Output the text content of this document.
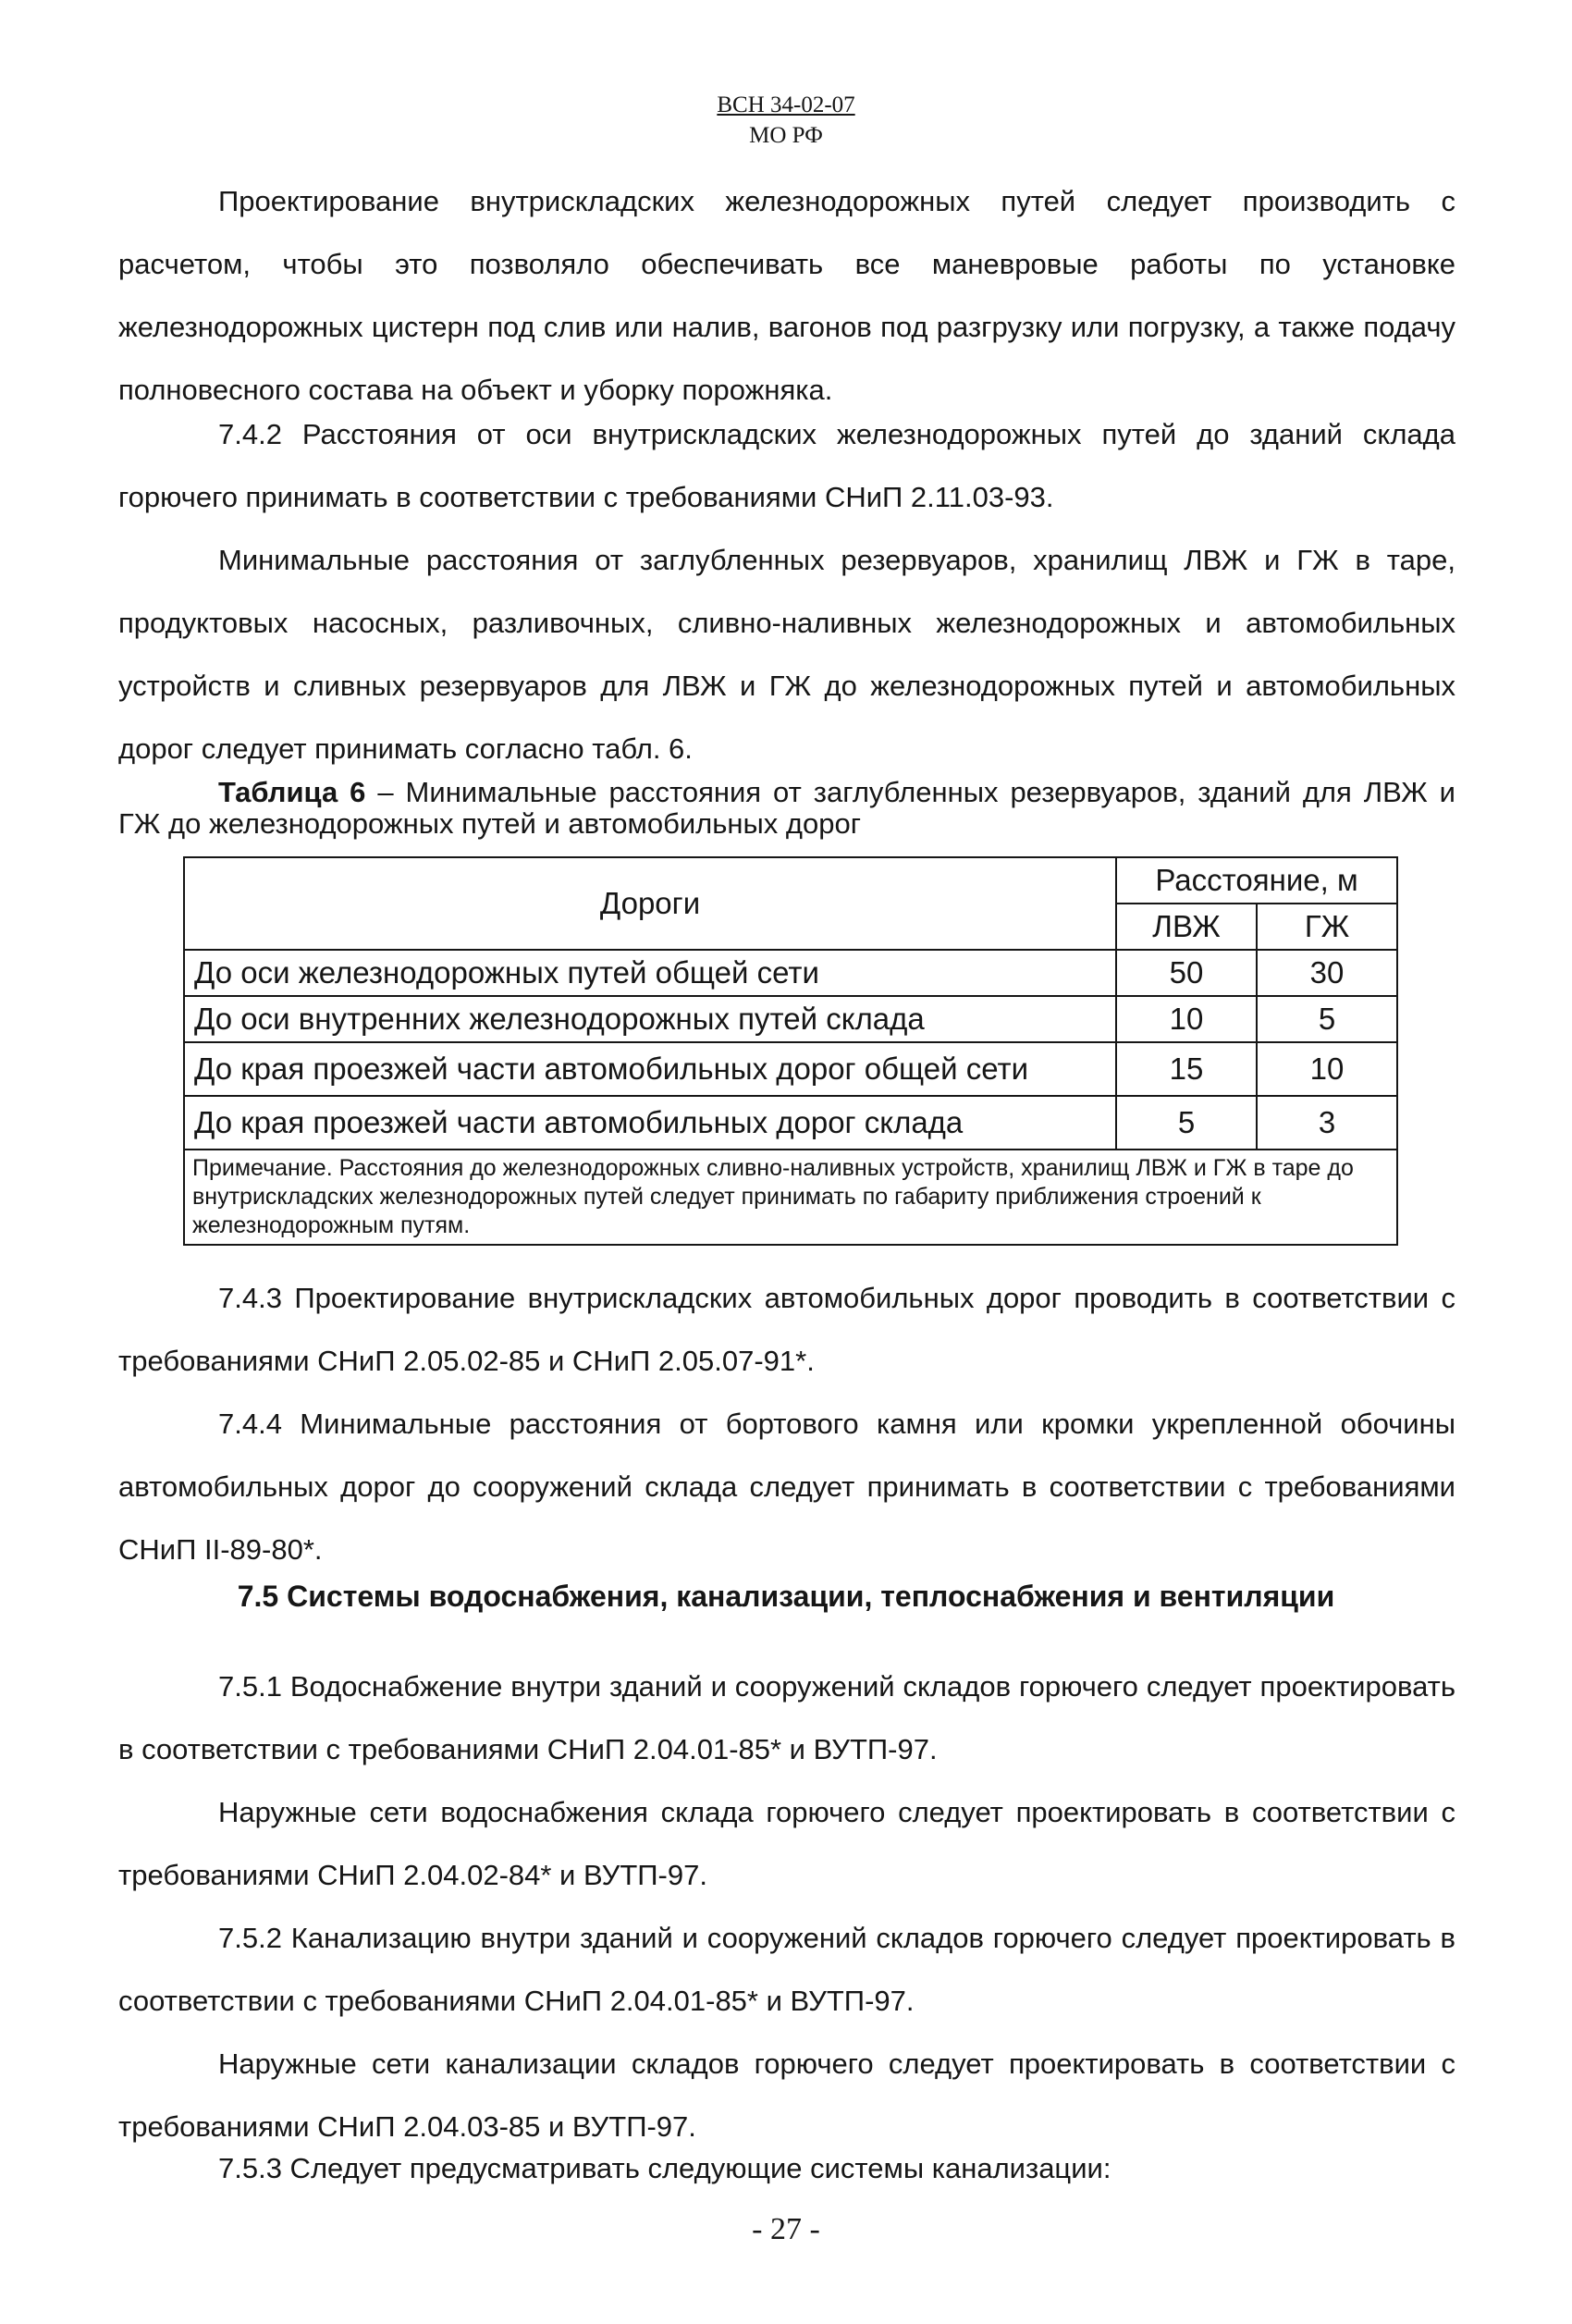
ВСН 34-02-07
МО РФ

Проектирование внутрискладских железнодорожных путей следует производить с расчетом, чтобы это позволяло обеспечивать все маневровые работы по установке железнодорожных цистерн под слив или налив, вагонов под разгрузку или погрузку, а также подачу полновесного состава на объект и уборку порожняка.

7.4.2 Расстояния от оси внутрискладских железнодорожных путей до зданий склада горючего принимать в соответствии с требованиями СНиП 2.11.03-93.

Минимальные расстояния от заглубленных резервуаров, хранилищ ЛВЖ и ГЖ в таре, продуктовых насосных, разливочных, сливно-наливных железнодорожных и автомобильных устройств и сливных резервуаров для ЛВЖ и ГЖ до железнодорожных путей и автомобильных дорог следует принимать согласно табл. 6.

Таблица 6 – Минимальные расстояния от заглубленных резервуаров, зданий для ЛВЖ и ГЖ до железнодорожных путей и автомобильных дорог

Дороги	Расстояние, м	
	ЛВЖ	ГЖ
До оси железнодорожных путей общей сети	50	30
До оси внутренних железнодорожных путей склада	10	5
До края проезжей части автомобильных дорог общей сети	15	10
До края проезжей части автомобильных дорог склада	5	3
Примечание. Расстояния до железнодорожных сливно-наливных устройств, хранилищ ЛВЖ и ГЖ в таре до внутрискладских железнодорожных путей следует принимать по габариту приближения строений к железнодорожным путям.		

7.4.3 Проектирование внутрискладских автомобильных дорог проводить в соответствии с требованиями СНиП 2.05.02-85 и СНиП 2.05.07-91*.

7.4.4 Минимальные расстояния от бортового камня или кромки укрепленной обочины автомобильных дорог до сооружений склада следует принимать в соответствии с требованиями СНиП II-89-80*.

7.5 Системы водоснабжения, канализации, теплоснабжения и вентиляции

7.5.1 Водоснабжение внутри зданий и сооружений складов горючего следует проектировать в соответствии с требованиями СНиП 2.04.01-85* и ВУТП-97.

Наружные сети водоснабжения склада горючего следует проектировать в соответствии с требованиями СНиП 2.04.02-84* и ВУТП-97.

7.5.2 Канализацию внутри зданий и сооружений складов горючего следует проектировать в соответствии с требованиями СНиП 2.04.01-85* и ВУТП-97.

Наружные сети канализации складов горючего следует проектировать в соответствии с требованиями СНиП 2.04.03-85 и ВУТП-97.

7.5.3 Следует предусматривать следующие системы канализации:

- 27 -
